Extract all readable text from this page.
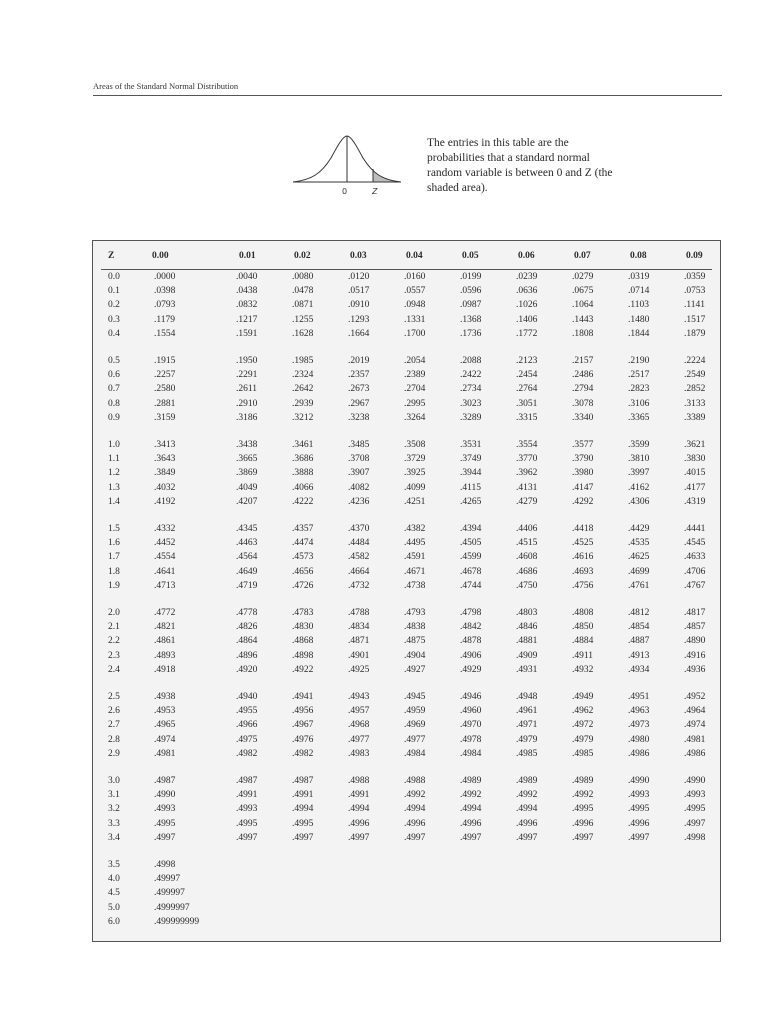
Areas of the Standard Normal Distribution
0	Z
The entries in this table are the probabilities that a standard normal random variable is between 0 and Z (the shaded area).
Z	0.00	0.01	0.02	0.03	0.04	0.05	0.06	0.07	0.08	0.09
0.0	.0000	.0040	.0080	.0120	.0160	.0199	.0239	.0279	.0319	.0359
0.1	.0398	.0438	.0478	.0517	.0557	.0596	.0636	.0675	.0714	.0753
0.2	.0793	.0832	.0871	.0910	.0948	.0987	.1026	.1064	.1103	.1141
0.3	.1179	.1217	.1255	.1293	.1331	.1368	.1406	.1443	.1480	.1517
0.4	.1554	.1591	.1628	.1664	.1700	.1736	.1772	.1808	.1844	.1879
0.5	.1915	.1950	.1985	.2019	.2054	.2088	.2123	.2157	.2190	.2224
0.6	.2257	.2291	.2324	.2357	.2389	.2422	.2454	.2486	.2517	.2549
0.7	.2580	.2611	.2642	.2673	.2704	.2734	.2764	.2794	.2823	.2852
0.8	.2881	.2910	.2939	.2967	.2995	.3023	.3051	.3078	.3106	.3133
0.9	.3159	.3186	.3212	.3238	.3264	.3289	.3315	.3340	.3365	.3389
1.0	.3413	.3438	.3461	.3485	.3508	.3531	.3554	.3577	.3599	.3621
1.1	.3643	.3665	.3686	.3708	.3729	.3749	.3770	.3790	.3810	.3830
1.2	.3849	.3869	.3888	.3907	.3925	.3944	.3962	.3980	.3997	.4015
1.3	.4032	.4049	.4066	.4082	.4099	.4115	.4131	.4147	.4162	.4177
1.4	.4192	.4207	.4222	.4236	.4251	.4265	.4279	.4292	.4306	.4319
1.5	.4332	.4345	.4357	.4370	.4382	.4394	.4406	.4418	.4429	.4441
1.6	.4452	.4463	.4474	.4484	.4495	.4505	.4515	.4525	.4535	.4545
1.7	.4554	.4564	.4573	.4582	.4591	.4599	.4608	.4616	.4625	.4633
1.8	.4641	.4649	.4656	.4664	.4671	.4678	.4686	.4693	.4699	.4706
1.9	.4713	.4719	.4726	.4732	.4738	.4744	.4750	.4756	.4761	.4767
2.0	.4772	.4778	.4783	.4788	.4793	.4798	.4803	.4808	.4812	.4817
2.1	.4821	.4826	.4830	.4834	.4838	.4842	.4846	.4850	.4854	.4857
2.2	.4861	.4864	.4868	.4871	.4875	.4878	.4881	.4884	.4887	.4890
2.3	.4893	.4896	.4898	.4901	.4904	.4906	.4909	.4911	.4913	.4916
2.4	.4918	.4920	.4922	.4925	.4927	.4929	.4931	.4932	.4934	.4936
2.5	.4938	.4940	.4941	.4943	.4945	.4946	.4948	.4949	.4951	.4952
2.6	.4953	.4955	.4956	.4957	.4959	.4960	.4961	.4962	.4963	.4964
2.7	.4965	.4966	.4967	.4968	.4969	.4970	.4971	.4972	.4973	.4974
2.8	.4974	.4975	.4976	.4977	.4977	.4978	.4979	.4979	.4980	.4981
2.9	.4981	.4982	.4982	.4983	.4984	.4984	.4985	.4985	.4986	.4986
3.0	.4987	.4987	.4987	.4988	.4988	.4989	.4989	.4989	.4990	.4990
3.1	.4990	.4991	.4991	.4991	.4992	.4992	.4992	.4992	.4993	.4993
3.2	.4993	.4993	.4994	.4994	.4994	.4994	.4994	.4995	.4995	.4995
3.3	.4995	.4995	.4995	.4996	.4996	.4996	.4996	.4996	.4996	.4997
3.4	.4997	.4997	.4997	.4997	.4997	.4997	.4997	.4997	.4997	.4998
3.5	.4998
4.0	.49997
4.5	.499997
5.0	.4999997
6.0	.499999999
